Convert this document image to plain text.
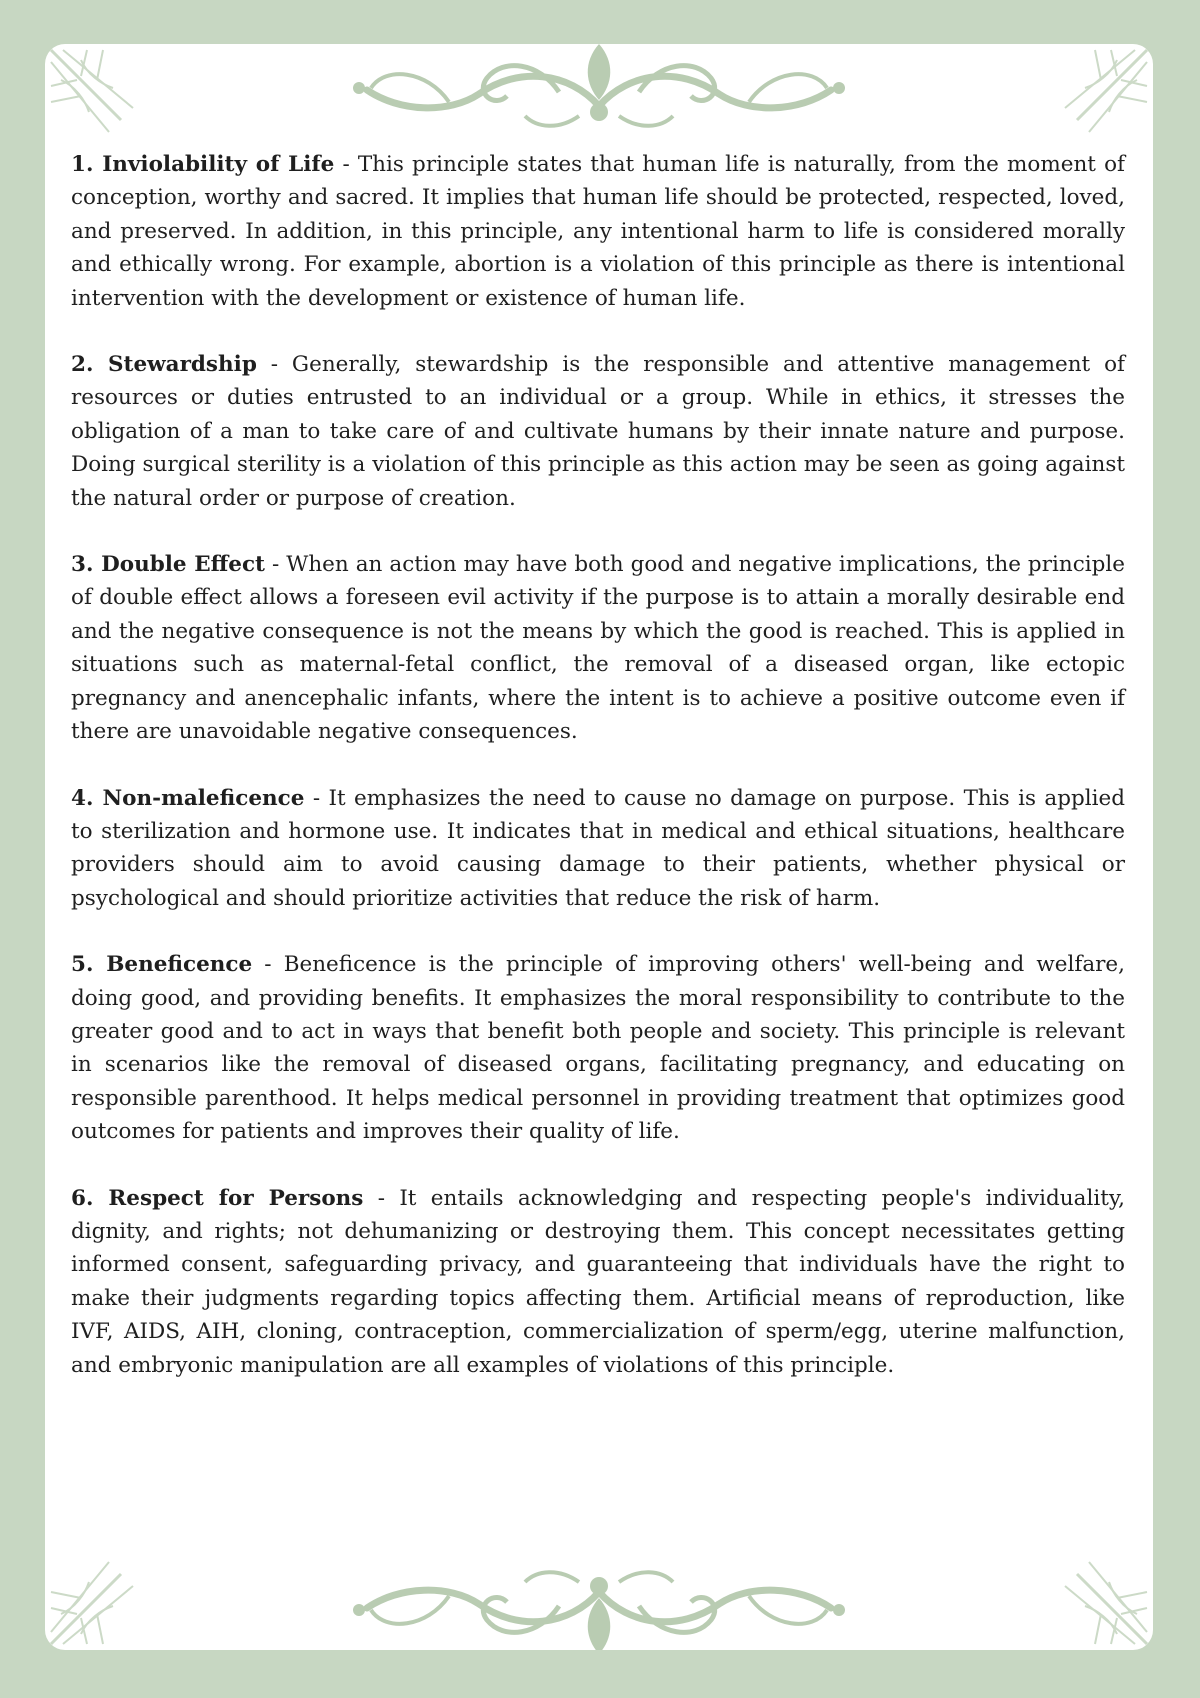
1. Inviolability of Life - This principle states that human life is naturally, from the moment of conception, worthy and sacred. It implies that human life should be protected, respected, loved, and preserved. In addition, in this principle, any intentional harm to life is considered morally and ethically wrong. For example, abortion is a violation of this principle as there is intentional intervention with the development or existence of human life.

2. Stewardship - Generally, stewardship is the responsible and attentive management of resources or duties entrusted to an individual or a group. While in ethics, it stresses the obligation of a man to take care of and cultivate humans by their innate nature and purpose. Doing surgical sterility is a violation of this principle as this action may be seen as going against the natural order or purpose of creation.

3. Double Effect - When an action may have both good and negative implications, the principle of double effect allows a foreseen evil activity if the purpose is to attain a morally desirable end and the negative consequence is not the means by which the good is reached. This is applied in situations such as maternal-fetal conflict, the removal of a diseased organ, like ectopic pregnancy and anencephalic infants, where the intent is to achieve a positive outcome even if there are unavoidable negative consequences.

4. Non-maleficence - It emphasizes the need to cause no damage on purpose. This is applied to sterilization and hormone use. It indicates that in medical and ethical situations, healthcare providers should aim to avoid causing damage to their patients, whether physical or psychological and should prioritize activities that reduce the risk of harm.

5. Beneficence - Beneficence is the principle of improving others' well-being and welfare, doing good, and providing benefits. It emphasizes the moral responsibility to contribute to the greater good and to act in ways that benefit both people and society. This principle is relevant in scenarios like the removal of diseased organs, facilitating pregnancy, and educating on responsible parenthood. It helps medical personnel in providing treatment that optimizes good outcomes for patients and improves their quality of life.

6. Respect for Persons - It entails acknowledging and respecting people's individuality, dignity, and rights; not dehumanizing or destroying them. This concept necessitates getting informed consent, safeguarding privacy, and guaranteeing that individuals have the right to make their judgments regarding topics affecting them. Artificial means of reproduction, like IVF, AIDS, AIH, cloning, contraception, commercialization of sperm/egg, uterine malfunction, and embryonic manipulation are all examples of violations of this principle.
